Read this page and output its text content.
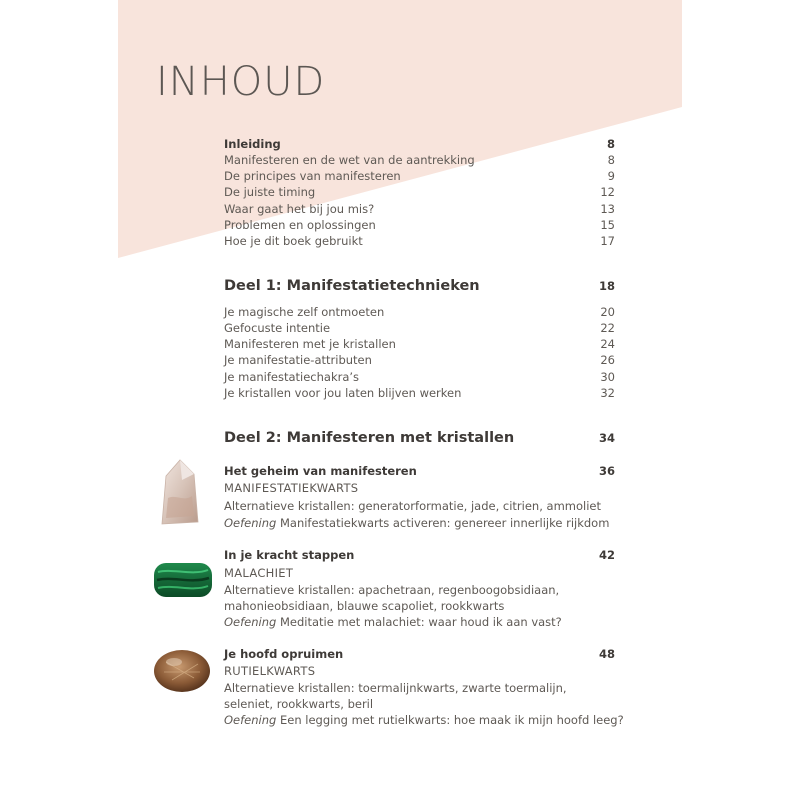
INHOUD
Inleiding	8
Manifesteren en de wet van de aantrekking	8
De principes van manifesteren	9
De juiste timing	12
Waar gaat het bij jou mis?	13
Problemen en oplossingen	15
Hoe je dit boek gebruikt	17
Deel 1: Manifestatietechnieken	18
Je magische zelf ontmoeten	20
Gefocuste intentie	22
Manifesteren met je kristallen	24
Je manifestatie-attributen	26
Je manifestatiechakra’s	30
Je kristallen voor jou laten blijven werken	32
Deel 2: Manifesteren met kristallen	34
Het geheim van manifesteren	36
MANIFESTATIEKWARTS
Alternatieve kristallen: generatorformatie, jade, citrien, ammoliet
Oefening Manifestatiekwarts activeren: genereer innerlijke rijkdom
In je kracht stappen	42
MALACHIET
Alternatieve kristallen: apachetraan, regenboogobsidiaan,
mahonieobsidiaan, blauwe scapoliet, rookkwarts
Oefening Meditatie met malachiet: waar houd ik aan vast?
Je hoofd opruimen	48
RUTIELKWARTS
Alternatieve kristallen: toermalijnkwarts, zwarte toermalijn,
seleniet, rookkwarts, beril
Oefening Een legging met rutielkwarts: hoe maak ik mijn hoofd leeg?
